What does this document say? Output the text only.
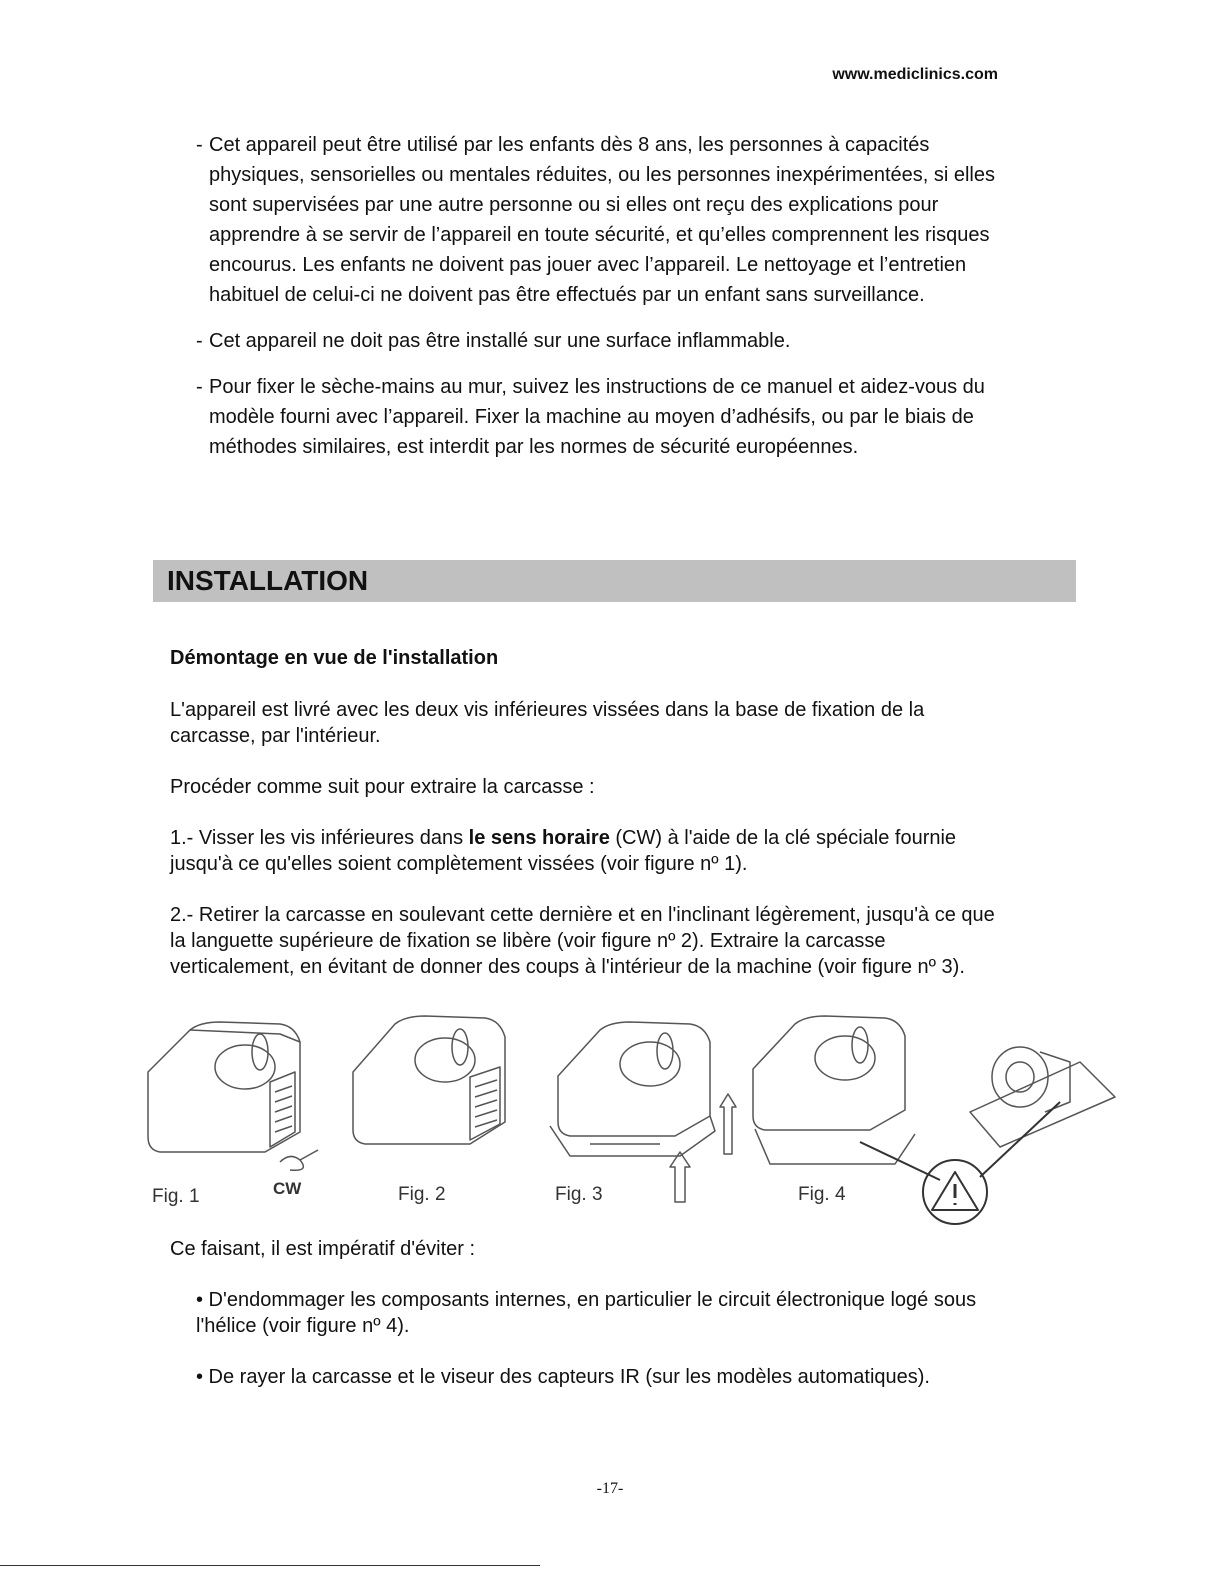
www.mediclinics.com
- Cet appareil peut être utilisé par les enfants dès 8 ans, les personnes à capacités physiques, sensorielles ou mentales réduites, ou les personnes inexpérimentées, si elles sont supervisées par une autre personne ou si elles ont reçu des explications pour apprendre à se servir de l’appareil en toute sécurité, et qu’elles comprennent les risques encourus. Les enfants ne doivent pas jouer avec l’appareil. Le nettoyage et l’entretien habituel de celui-ci ne doivent pas être effectués par un enfant sans surveillance.
- Cet appareil ne doit pas être installé sur une surface inflammable.
- Pour fixer le sèche-mains au mur, suivez les instructions de ce manuel et aidez-vous du modèle fourni avec l’appareil. Fixer la machine au moyen d’adhésifs, ou par le biais de méthodes similaires, est interdit par les normes de sécurité européennes.
INSTALLATION
Démontage en vue de l'installation

L'appareil est livré avec les deux vis inférieures vissées dans la base de fixation de la carcasse, par l'intérieur.

Procéder comme suit pour extraire la carcasse :

1.- Visser les vis inférieures dans le sens horaire (CW) à l'aide de la clé spéciale fournie jusqu'à ce qu'elles soient complètement vissées (voir figure nº 1).

2.- Retirer la carcasse en soulevant cette dernière et en l'inclinant légèrement, jusqu'à ce que la languette supérieure de fixation se libère (voir figure nº 2). Extraire la carcasse verticalement, en évitant de donner des coups à l'intérieur de la machine (voir figure nº 3).

Fig. 1	CW	Fig. 2	Fig. 3	Fig. 4

Ce faisant, il est impératif d'éviter :

• D'endommager les composants internes, en particulier le circuit électronique logé sous l'hélice (voir figure nº 4).

• De rayer la carcasse et le viseur des capteurs IR (sur les modèles automatiques).

-17-
